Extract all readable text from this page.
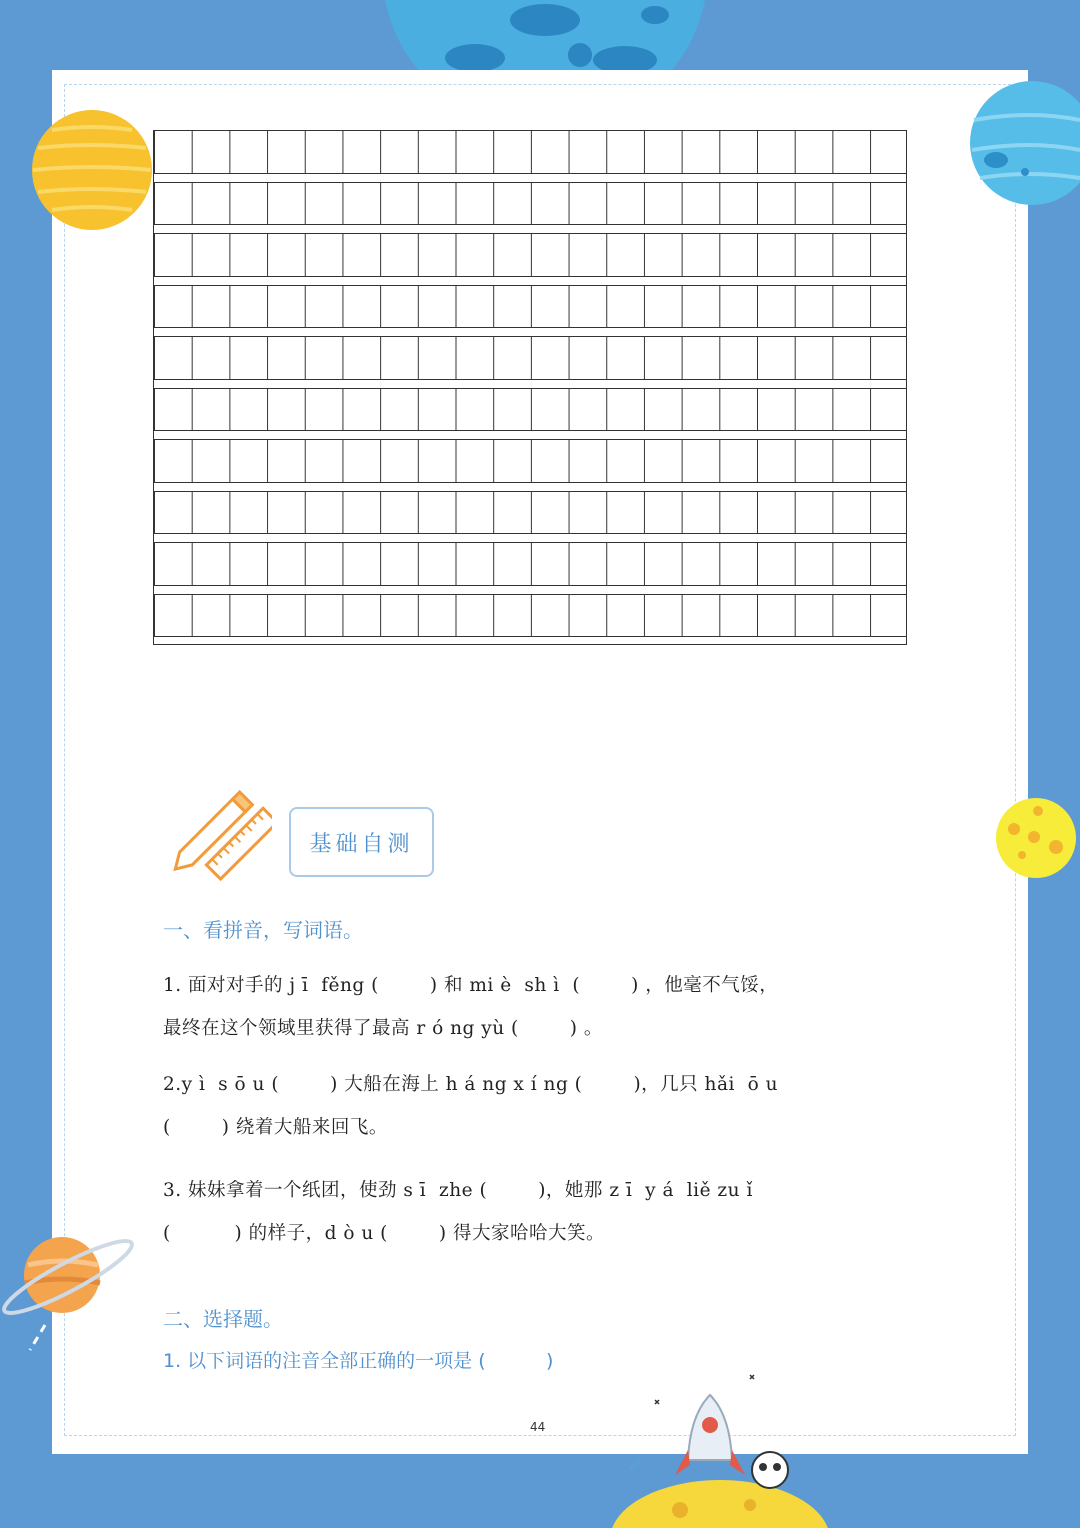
基础自测
一、看拼音，写词语。
1. 面对对手的 j ī  fěng (        ) 和 mi è  sh ì  (        ) ，他毫不气馁，
最终在这个领域里获得了最高 r ó ng yù (        ) 。
2.y ì  s ō u (        ) 大船在海上 h á ng x í ng (        )，几只 hǎi  ō u
(        ) 绕着大船来回飞。
3. 妹妹拿着一个纸团，使劲 s ī  zhe (        )，她那 z ī  y á  liě zu ǐ
(          ) 的样子，d ò u (        ) 得大家哈哈大笑。
二、选择题。
1. 以下词语的注音全部正确的一项是 (          )
44
